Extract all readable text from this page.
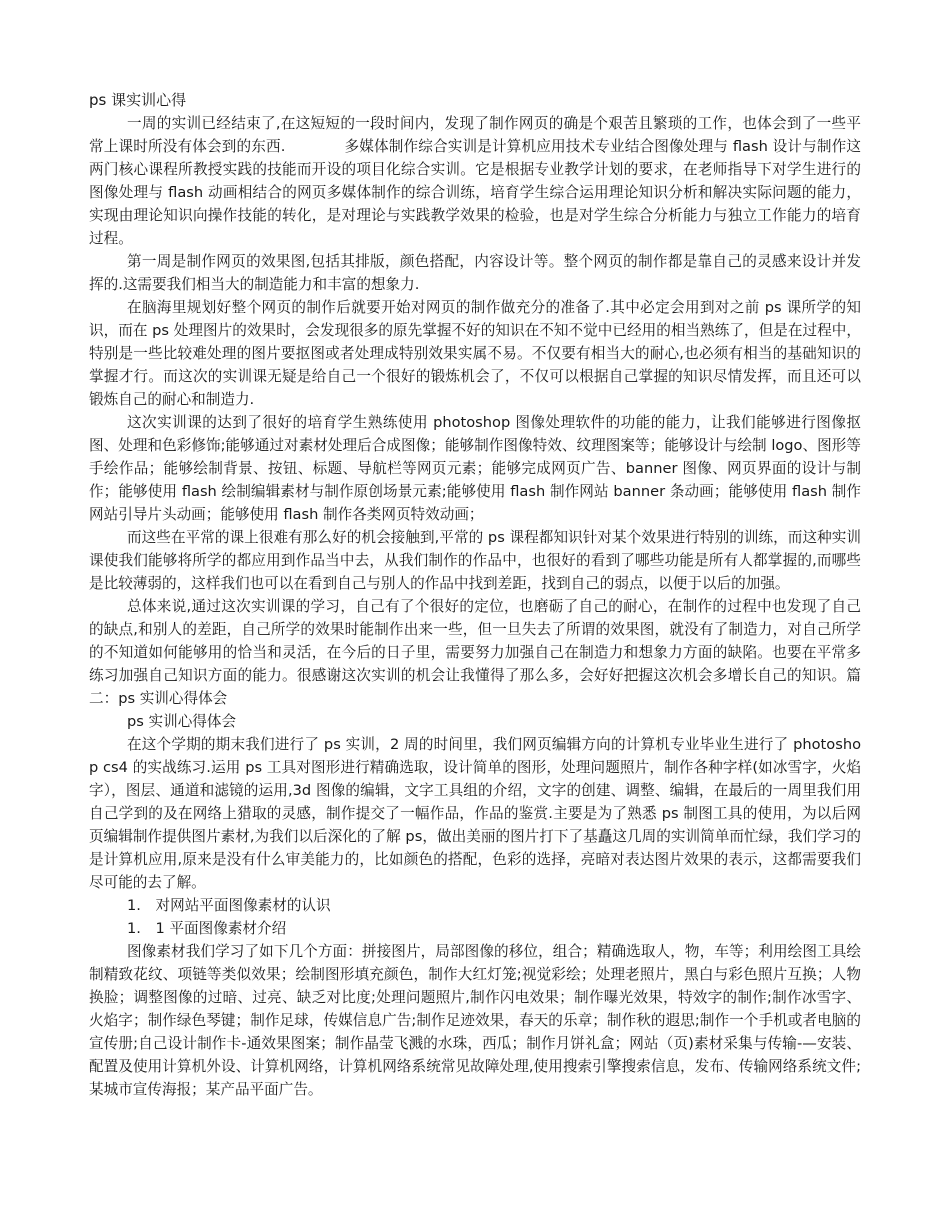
ps 课实训心得

一周的实训已经结束了,在这短短的一段时间内，发现了制作网页的确是个艰苦且繁琐的工作，也体会到了一些平常上课时所没有体会到的东西.　　　　多媒体制作综合实训是计算机应用技术专业结合图像处理与 flash 设计与制作这两门核心课程所教授实践的技能而开设的项目化综合实训。它是根据专业教学计划的要求，在老师指导下对学生进行的图像处理与 flash 动画相结合的网页多媒体制作的综合训练，培育学生综合运用理论知识分析和解决实际问题的能力，实现由理论知识向操作技能的转化，是对理论与实践教学效果的检验，也是对学生综合分析能力与独立工作能力的培育过程。

第一周是制作网页的效果图,包括其排版，颜色搭配，内容设计等。整个网页的制作都是靠自己的灵感来设计并发挥的.这需要我们相当大的制造能力和丰富的想象力.

在脑海里规划好整个网页的制作后就要开始对网页的制作做充分的准备了.其中必定会用到对之前 ps 课所学的知识，而在 ps 处理图片的效果时，会发现很多的原先掌握不好的知识在不知不觉中已经用的相当熟练了，但是在过程中，特别是一些比较难处理的图片要抠图或者处理成特别效果实属不易。不仅要有相当大的耐心,也必须有相当的基础知识的掌握才行。而这次的实训课无疑是给自己一个很好的锻炼机会了，不仅可以根据自己掌握的知识尽情发挥，而且还可以锻炼自己的耐心和制造力.

这次实训课的达到了很好的培育学生熟练使用 photoshop 图像处理软件的功能的能力，让我们能够进行图像抠图、处理和色彩修饰;能够通过对素材处理后合成图像；能够制作图像特效、纹理图案等；能够设计与绘制 logo、图形等手绘作品；能够绘制背景、按钮、标题、导航栏等网页元素；能够完成网页广告、banner 图像、网页界面的设计与制作；能够使用 flash 绘制编辑素材与制作原创场景元素;能够使用 flash 制作网站 banner 条动画；能够使用 flash 制作网站引导片头动画；能够使用 flash 制作各类网页特效动画；

而这些在平常的课上很难有那么好的机会接触到,平常的 ps 课程都知识针对某个效果进行特别的训练，而这种实训课使我们能够将所学的都应用到作品当中去，从我们制作的作品中，也很好的看到了哪些功能是所有人都掌握的,而哪些是比较薄弱的，这样我们也可以在看到自己与别人的作品中找到差距，找到自己的弱点，以便于以后的加强。

总体来说,通过这次实训课的学习，自己有了个很好的定位，也磨砺了自己的耐心，在制作的过程中也发现了自己的缺点,和别人的差距，自己所学的效果时能制作出来一些，但一旦失去了所谓的效果图，就没有了制造力，对自己所学的不知道如何能够用的恰当和灵活，在今后的日子里，需要努力加强自己在制造力和想象力方面的缺陷。也要在平常多练习加强自己知识方面的能力。很感谢这次实训的机会让我懂得了那么多，会好好把握这次机会多增长自己的知识。篇二：ps 实训心得体会

ps 实训心得体会

在这个学期的期末我们进行了 ps 实训，2 周的时间里，我们网页编辑方向的计算机专业毕业生进行了 photoshop cs4 的实战练习.运用 ps 工具对图形进行精确选取，设计简单的图形，处理问题照片，制作各种字样(如冰雪字，火焰字），图层、通道和滤镜的运用,3d 图像的编辑，文字工具组的介绍，文字的创建、调整、编辑，在最后的一周里我们用自己学到的及在网络上猎取的灵感，制作提交了一幅作品，作品的鉴赏.主要是为了熟悉 ps 制图工具的使用，为以后网页编辑制作提供图片素材,为我们以后深化的了解 ps，做出美丽的图片打下了基矗这几周的实训简单而忙绿，我们学习的是计算机应用,原来是没有什么审美能力的，比如颜色的搭配，色彩的选择，亮暗对表达图片效果的表示，这都需要我们尽可能的去了解。

1.　对网站平面图像素材的认识

1.　1 平面图像素材介绍

图像素材我们学习了如下几个方面：拼接图片，局部图像的移位，组合；精确选取人，物，车等；利用绘图工具绘制精致花纹、项链等类似效果；绘制图形填充颜色，制作大红灯笼;视觉彩绘；处理老照片，黑白与彩色照片互换；人物换脸；调整图像的过暗、过亮、缺乏对比度;处理问题照片,制作闪电效果；制作曝光效果，特效字的制作;制作冰雪字、火焰字；制作绿色琴键；制作足球，传媒信息广告;制作足迹效果，春天的乐章；制作秋的遐思;制作一个手机或者电脑的宣传册;自己设计制作卡-通效果图案；制作晶莹飞溅的水珠，西瓜；制作月饼礼盒；网站（页)素材采集与传输-—安装、配置及使用计算机外设、计算机网络，计算机网络系统常见故障处理,使用搜索引擎搜索信息，发布、传输网络系统文件;某城市宣传海报；某产品平面广告。
